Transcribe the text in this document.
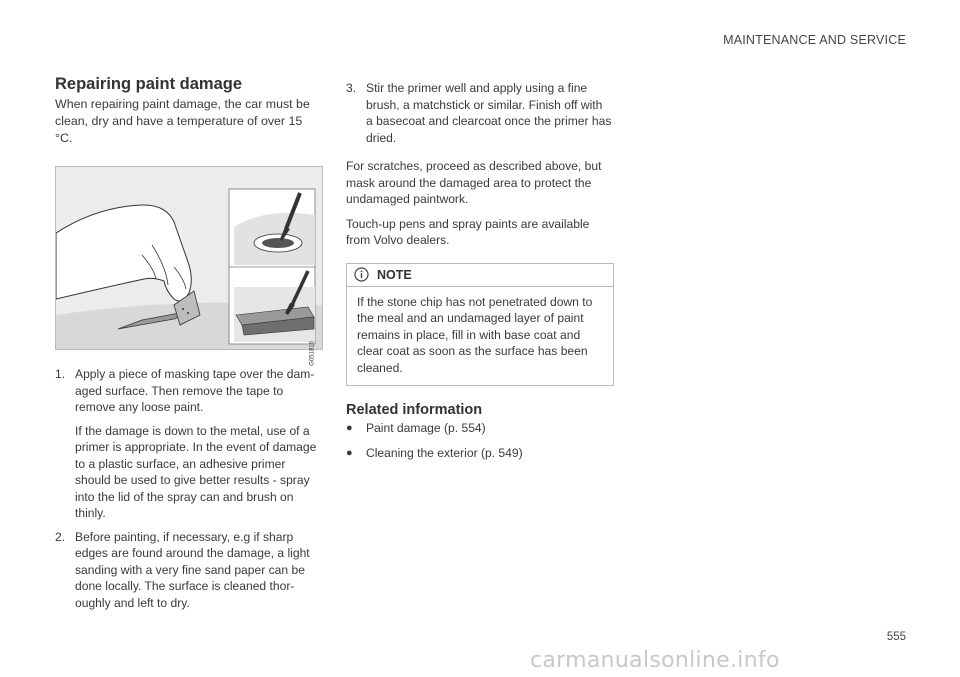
MAINTENANCE AND SERVICE
Repairing paint damage

When repairing paint damage, the car must be clean, dry and have a temperature of over 15 °C.

G051816
1. Apply a piece of masking tape over the dam-aged surface. Then remove the tape to remove any loose paint.

If the damage is down to the metal, use of a primer is appropriate. In the event of damage to a plastic surface, an adhesive primer should be used to give better results - spray into the lid of the spray can and brush on thinly.

2. Before painting, if necessary, e.g if sharp edges are found around the damage, a light sanding with a very fine sand paper can be done locally. The surface is cleaned thor-oughly and left to dry.

3. Stir the primer well and apply using a fine brush, a matchstick or similar. Finish off with a basecoat and clearcoat once the primer has dried.

For scratches, proceed as described above, but mask around the damaged area to protect the undamaged paintwork.

Touch-up pens and spray paints are available from Volvo dealers.

NOTE
If the stone chip has not penetrated down to the meal and an undamaged layer of paint remains in place, fill in with base coat and clear coat as soon as the surface has been cleaned.
Related information
● Paint damage (p. 554)
● Cleaning the exterior (p. 549)
555
carmanualsonline.info
